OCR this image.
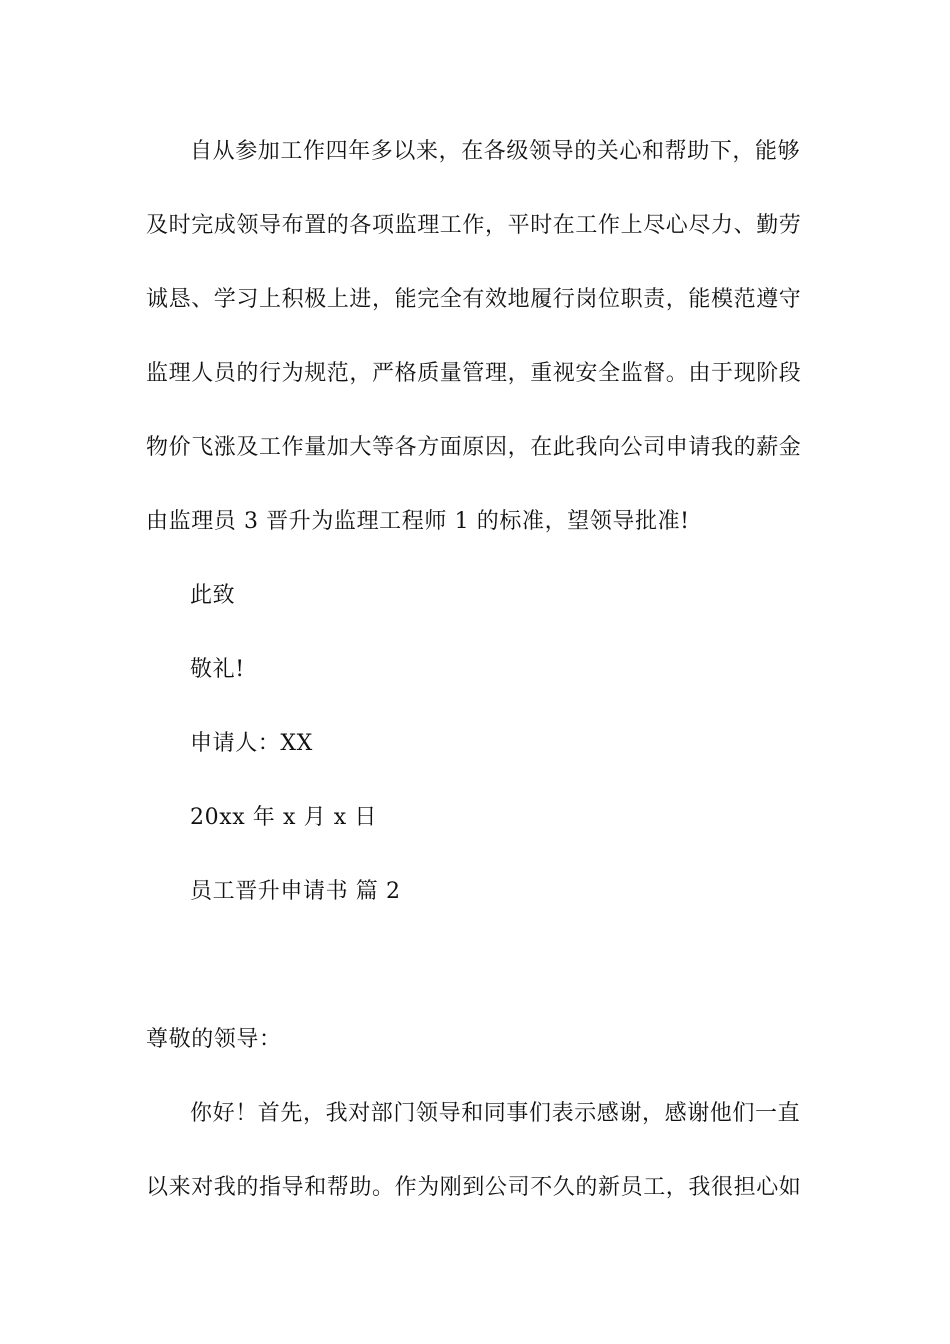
自从参加工作四年多以来，在各级领导的关心和帮助下，能够
及时完成领导布置的各项监理工作，平时在工作上尽心尽力、勤劳
诚恳、学习上积极上进，能完全有效地履行岗位职责，能模范遵守
监理人员的行为规范，严格质量管理，重视安全监督。由于现阶段
物价飞涨及工作量加大等各方面原因，在此我向公司申请我的薪金
由监理员 3 晋升为监理工程师 1 的标准，望领导批准!
此致
敬礼!
申请人：XX
20xx 年 x 月 x 日
员工晋升申请书 篇 2
尊敬的领导：
你好！首先，我对部门领导和同事们表示感谢，感谢他们一直
以来对我的指导和帮助。作为刚到公司不久的新员工，我很担心如
